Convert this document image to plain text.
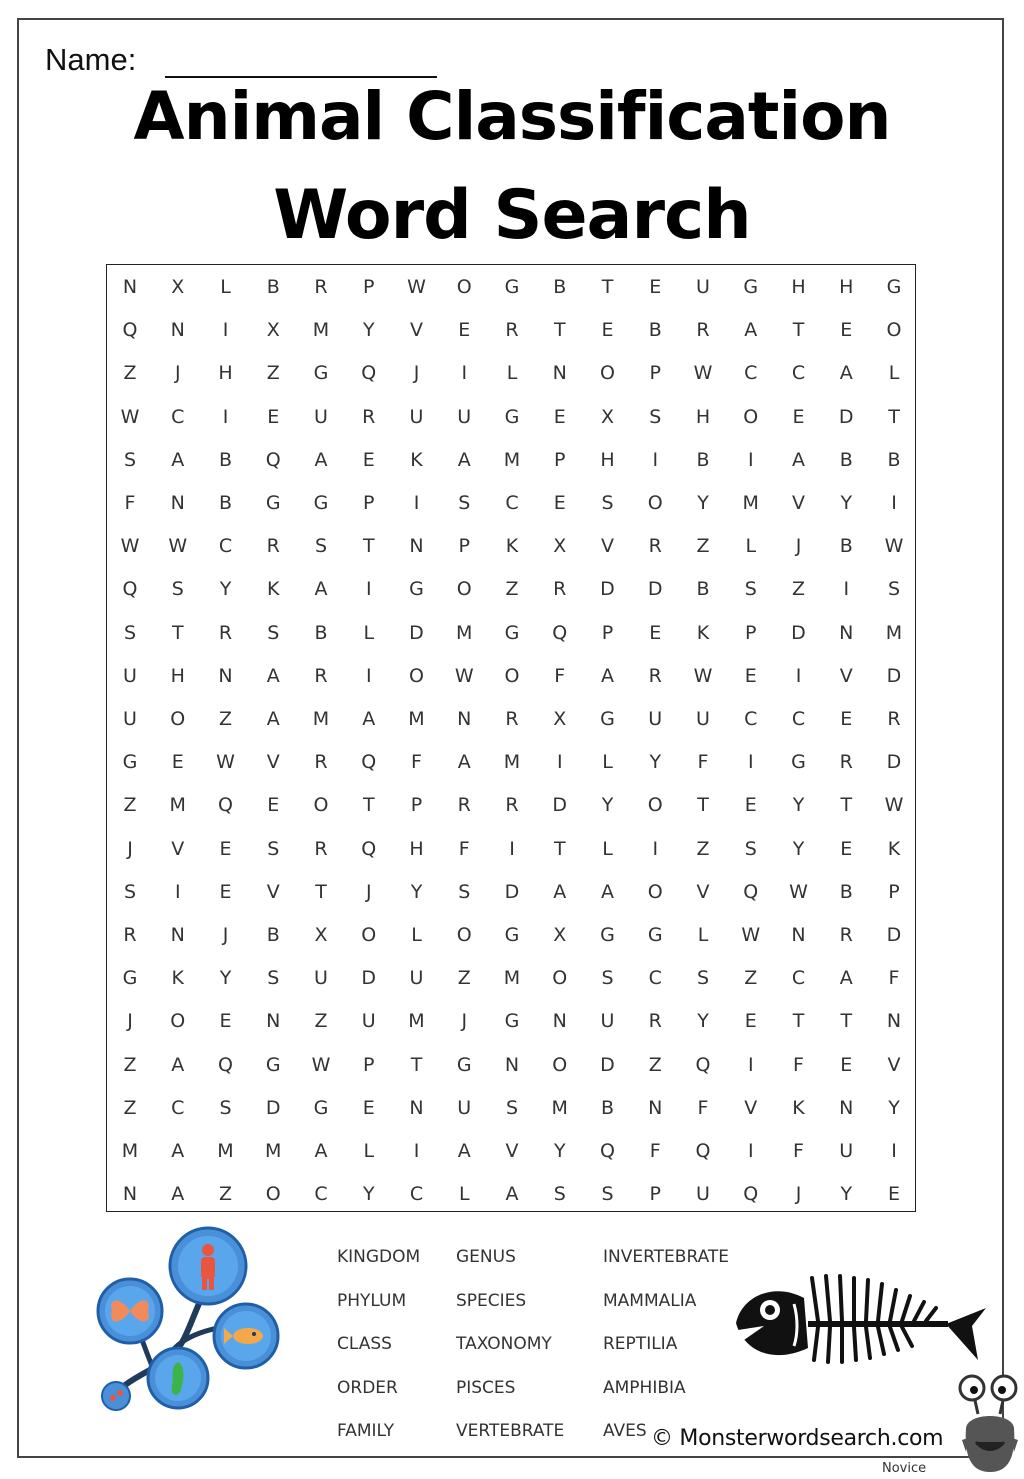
Name:
Animal Classification
Word Search
N	X	L	B	R	P	W	O	G	B	T	E	U	G	H	H	G
Q	N	I	X	M	Y	V	E	R	T	E	B	R	A	T	E	O
Z	J	H	Z	G	Q	J	I	L	N	O	P	W	C	C	A	L
W	C	I	E	U	R	U	U	G	E	X	S	H	O	E	D	T
S	A	B	Q	A	E	K	A	M	P	H	I	B	I	A	B	B
F	N	B	G	G	P	I	S	C	E	S	O	Y	M	V	Y	I
W	W	C	R	S	T	N	P	K	X	V	R	Z	L	J	B	W
Q	S	Y	K	A	I	G	O	Z	R	D	D	B	S	Z	I	S
S	T	R	S	B	L	D	M	G	Q	P	E	K	P	D	N	M
U	H	N	A	R	I	O	W	O	F	A	R	W	E	I	V	D
U	O	Z	A	M	A	M	N	R	X	G	U	U	C	C	E	R
G	E	W	V	R	Q	F	A	M	I	L	Y	F	I	G	R	D
Z	M	Q	E	O	T	P	R	R	D	Y	O	T	E	Y	T	W
J	V	E	S	R	Q	H	F	I	T	L	I	Z	S	Y	E	K
S	I	E	V	T	J	Y	S	D	A	A	O	V	Q	W	B	P
R	N	J	B	X	O	L	O	G	X	G	G	L	W	N	R	D
G	K	Y	S	U	D	U	Z	M	O	S	C	S	Z	C	A	F
J	O	E	N	Z	U	M	J	G	N	U	R	Y	E	T	T	N
Z	A	Q	G	W	P	T	G	N	O	D	Z	Q	I	F	E	V
Z	C	S	D	G	E	N	U	S	M	B	N	F	V	K	N	Y
M	A	M	M	A	L	I	A	V	Y	Q	F	Q	I	F	U	I
N	A	Z	O	C	Y	C	L	A	S	S	P	U	Q	J	Y	E
KINGDOM
PHYLUM
CLASS
ORDER
FAMILY
GENUS
SPECIES
TAXONOMY
PISCES
VERTEBRATE
INVERTEBRATE
MAMMALIA
REPTILIA
AMPHIBIA
AVES © Monsterwordsearch.com
Novice
